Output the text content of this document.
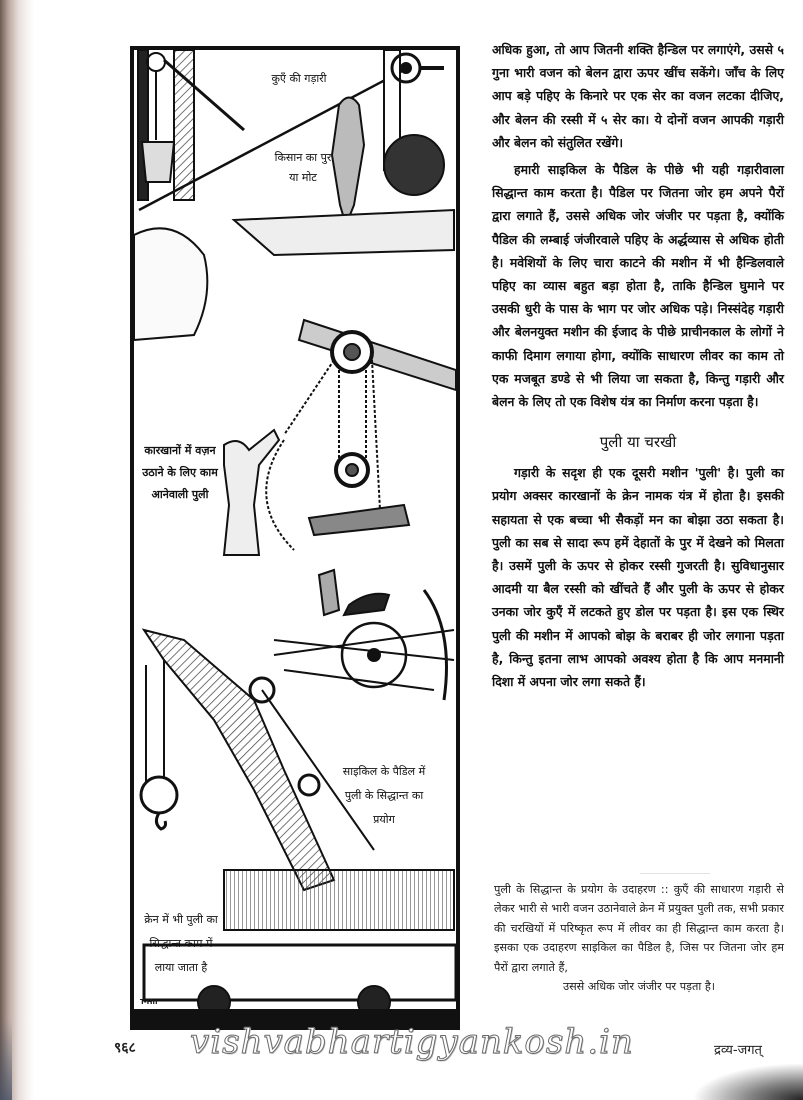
कुएँ की गड़ारी
किसान का पुर या मोट
कारखानों में वज़न उठाने के लिए काम आनेवाली पुली
साइकिल के पैडिल में पुली के सिद्धान्त का प्रयोग
क्रेन में भी पुली का सिद्धान्त काम में लाया जाता है
T-Hn

अधिक हुआ, तो आप जितनी शक्ति हैन्डिल पर लगाएंगे, उससे ५ गुना भारी वजन को बेलन द्वारा ऊपर खींच सकेंगे। जाँच के लिए आप बड़े पहिए के किनारे पर एक सेर का वजन लटका दीजिए, और बेलन की रस्सी में ५ सेर का। ये दोनों वजन आपकी गड़ारी और बेलन को संतुलित रखेंगे।

हमारी साइकिल के पैडिल के पीछे भी यही गड़ारीवाला सिद्धान्त काम करता है। पैडिल पर जितना जोर हम अपने पैरों द्वारा लगाते हैं, उससे अधिक जोर जंजीर पर पड़ता है, क्योंकि पैडिल की लम्बाई जंजीरवाले पहिए के अर्द्धव्यास से अधिक होती है। मवेशियों के लिए चारा काटने की मशीन में भी हैन्डिलवाले पहिए का व्यास बहुत बड़ा होता है, ताकि हैन्डिल घुमाने पर उसकी धुरी के पास के भाग पर जोर अधिक पड़े। निस्संदेह गड़ारी और बेलनयुक्त मशीन की ईजाद के पीछे प्राचीनकाल के लोगों ने काफी दिमाग लगाया होगा, क्योंकि साधारण लीवर का काम तो एक मजबूत डण्डे से भी लिया जा सकता है, किन्तु गड़ारी और बेलन के लिए तो एक विशेष यंत्र का निर्माण करना पड़ता है।

पुली या चरखी

गड़ारी के सदृश ही एक दूसरी मशीन 'पुली' है। पुली का प्रयोग अक्सर कारखानों के क्रेन नामक यंत्र में होता है। इसकी सहायता से एक बच्चा भी सैकड़ों मन का बोझा उठा सकता है। पुली का सब से सादा रूप हमें देहातों के पुर में देखने को मिलता है। उसमें पुली के ऊपर से होकर रस्सी गुजरती है। सुविधानुसार आदमी या बैल रस्सी को खींचते हैं और पुली के ऊपर से होकर उनका जोर कुएँ में लटकते हुए डोल पर पड़ता है। इस एक स्थिर पुली की मशीन में आपको बोझ के बराबर ही जोर लगाना पड़ता है, किन्तु इतना लाभ आपको अवश्य होता है कि आप मनमानी दिशा में अपना जोर लगा सकते हैं।

पुली के सिद्धान्त के प्रयोग के उदाहरण :: कुएँ की साधारण गड़ारी से लेकर भारी से भारी वजन उठानेवाले क्रेन में प्रयुक्त पुली तक, सभी प्रकार की चरखियों में परिष्कृत रूप में लीवर का ही सिद्धान्त काम करता है। इसका एक उदाहरण साइकिल का पैडिल है, जिस पर जितना जोर हम पैरों द्वारा लगाते हैं,
उससे अधिक जोर जंजीर पर पड़ता है।
९६८ vishvabhartigyankosh.in	द्रव्य-जगत्
